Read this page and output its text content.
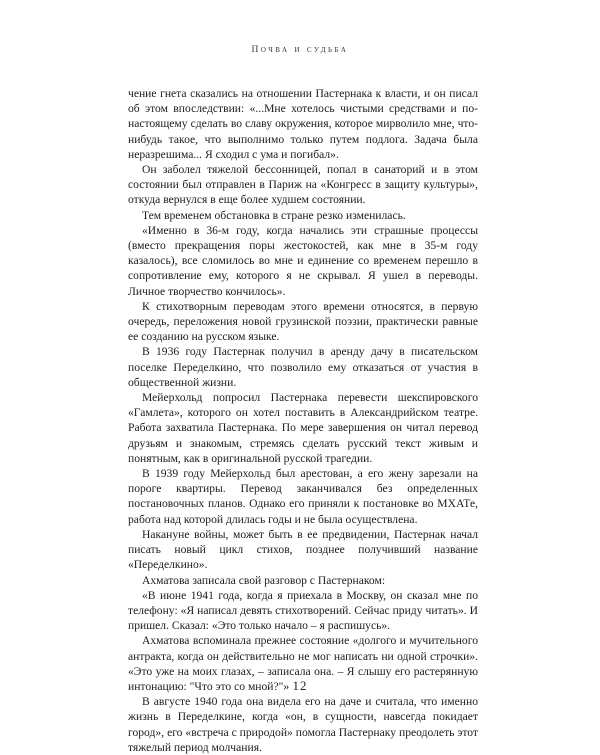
Почва и судьба

чение гнета сказались на отношении Пастернака к власти, и он писал об этом впоследствии: «...Мне хотелось чистыми средствами и по-настоящему сделать во славу окружения, которое мирволило мне, что-нибудь такое, что выполнимо только путем подлога. Задача была неразрешима... Я сходил с ума и погибал».

Он заболел тяжелой бессонницей, попал в санаторий и в этом состоянии был отправлен в Париж на «Конгресс в защиту культуры», откуда вернулся в еще более худшем состоянии.

Тем временем обстановка в стране резко изменилась.

«Именно в 36-м году, когда начались эти страшные процессы (вместо прекращения поры жестокостей, как мне в 35-м году казалось), все сломилось во мне и единение со временем перешло в сопротивление ему, которого я не скрывал. Я ушел в переводы. Личное творчество кончилось».

К стихотворным переводам этого времени относятся, в первую очередь, переложения новой грузинской поэзии, практически равные ее созданию на русском языке.

В 1936 году Пастернак получил в аренду дачу в писательском поселке Переделкино, что позволило ему отказаться от участия в общественной жизни.

Мейерхольд попросил Пастернака перевести шекспировского «Гамлета», которого он хотел поставить в Александрийском театре. Работа захватила Пастернака. По мере завершения он читал перевод друзьям и знакомым, стремясь сделать русский текст живым и понятным, как в оригинальной русской трагедии.

В 1939 году Мейерхольд был арестован, а его жену зарезали на пороге квартиры. Перевод заканчивался без определенных постановочных планов. Однако его приняли к постановке во МХАТе, работа над которой длилась годы и не была осуществлена.

Накануне войны, может быть в ее предвидении, Пастернак начал писать новый цикл стихов, позднее получивший название «Переделкино».

Ахматова записала свой разговор с Пастернаком:

«В июне 1941 года, когда я приехала в Москву, он сказал мне по телефону: «Я написал девять стихотворений. Сейчас приду читать». И пришел. Сказал: «Это только начало – я распишусь».

Ахматова вспоминала прежнее состояние «долгого и мучительного антракта, когда он действительно не мог написать ни одной строчки». «Это уже на моих глазах, – записала она. – Я слышу его растерянную интонацию: "Что это со мной?"»

В августе 1940 года она видела его на даче и считала, что именно жизнь в Переделкине, когда «он, в сущности, навсегда покидает город», его «встреча с природой» помогла Пастернаку преодолеть этот тяжелый период молчания.

12
